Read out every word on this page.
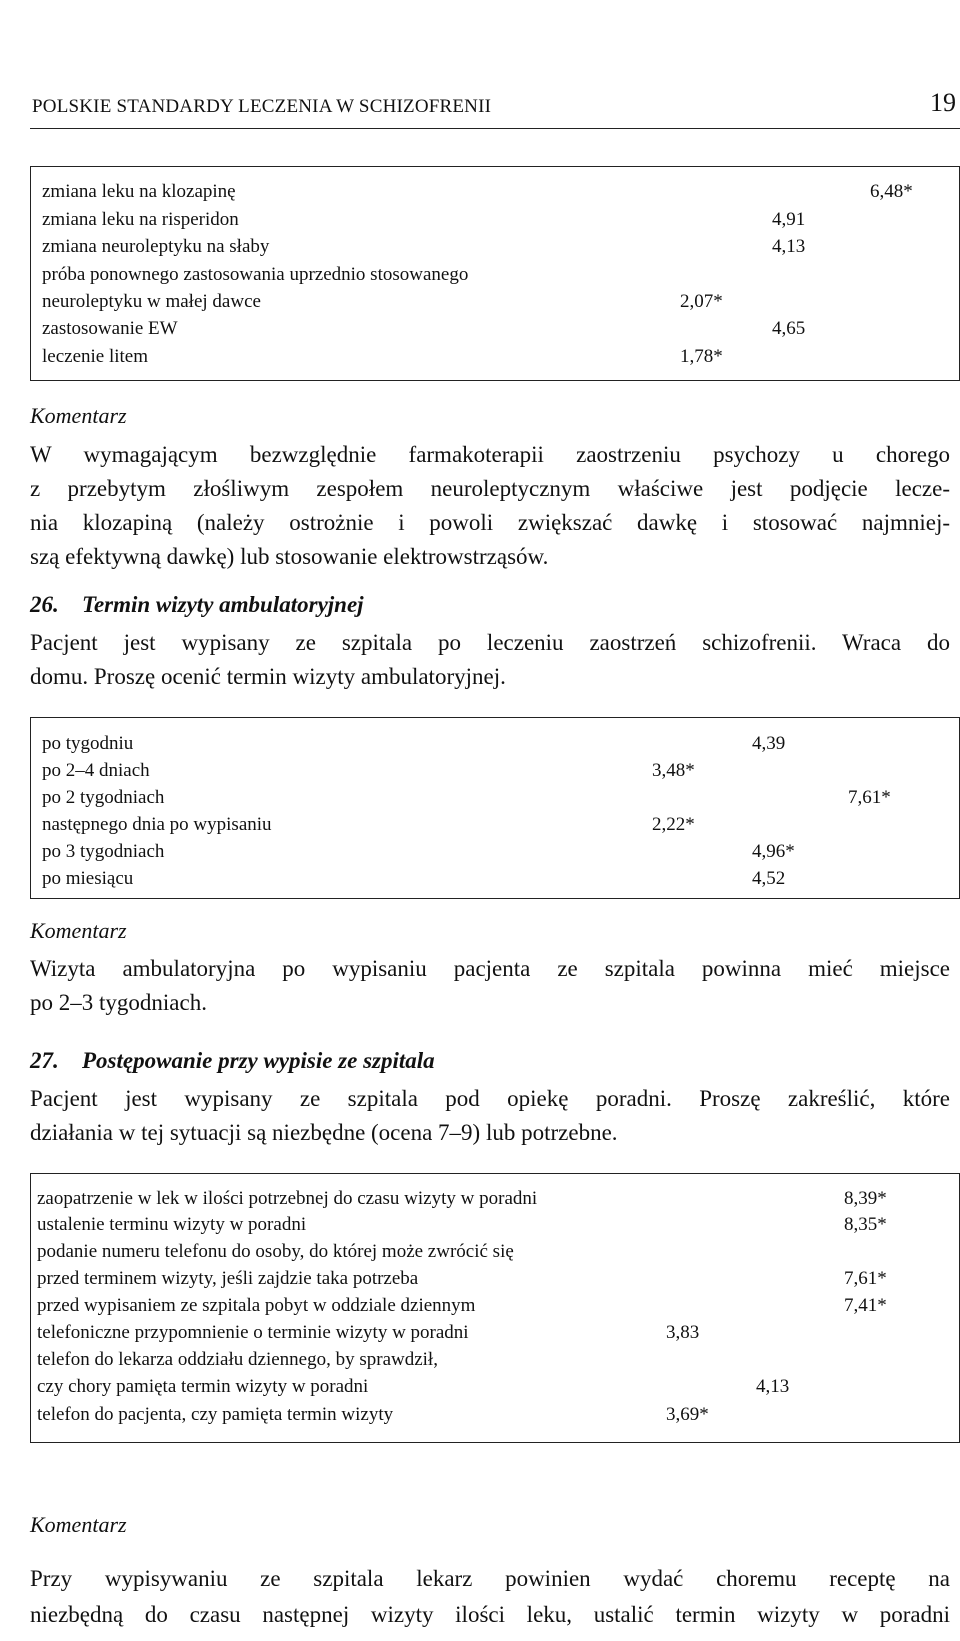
POLSKIE STANDARDY LECZENIA W SCHIZOFRENII	19
zmiana leku na klozapinę	6,48*
zmiana leku na risperidon	4,91
zmiana neuroleptyku na słaby	4,13
próba ponownego zastosowania uprzednio stosowanego
neuroleptyku w małej dawce	2,07*
zastosowanie EW	4,65
leczenie litem	1,78*
Komentarz
W wymagającym bezwzględnie farmakoterapii zaostrzeniu psychozy u chorego
z przebytym złośliwym zespołem neuroleptycznym właściwe jest podjęcie lecze-
nia klozapiną (należy ostrożnie i powoli zwiększać dawkę i stosować najmniej-
szą efektywną dawkę) lub stosowanie elektrowstrząsów.
26. Termin wizyty ambulatoryjnej
Pacjent jest wypisany ze szpitala po leczeniu zaostrzeń schizofrenii. Wraca do
domu. Proszę ocenić termin wizyty ambulatoryjnej.
po tygodniu	4,39
po 2–4 dniach	3,48*
po 2 tygodniach	7,61*
następnego dnia po wypisaniu	2,22*
po 3 tygodniach	4,96*
po miesiącu	4,52
Komentarz
Wizyta ambulatoryjna po wypisaniu pacjenta ze szpitala powinna mieć miejsce
po 2–3 tygodniach.
27. Postępowanie przy wypisie ze szpitala
Pacjent jest wypisany ze szpitala pod opiekę poradni. Proszę zakreślić, które
działania w tej sytuacji są niezbędne (ocena 7–9) lub potrzebne.
zaopatrzenie w lek w ilości potrzebnej do czasu wizyty w poradni	8,39*
ustalenie terminu wizyty w poradni	8,35*
podanie numeru telefonu do osoby, do której może zwrócić się
przed terminem wizyty, jeśli zajdzie taka potrzeba	7,61*
przed wypisaniem ze szpitala pobyt w oddziale dziennym	7,41*
telefoniczne przypomnienie o terminie wizyty w poradni	3,83
telefon do lekarza oddziału dziennego, by sprawdził,
czy chory pamięta termin wizyty w poradni	4,13
telefon do pacjenta, czy pamięta termin wizyty	3,69*
Komentarz
Przy wypisywaniu ze szpitala lekarz powinien wydać choremu receptę na
niezbędną do czasu następnej wizyty ilości leku, ustalić termin wizyty w poradni
